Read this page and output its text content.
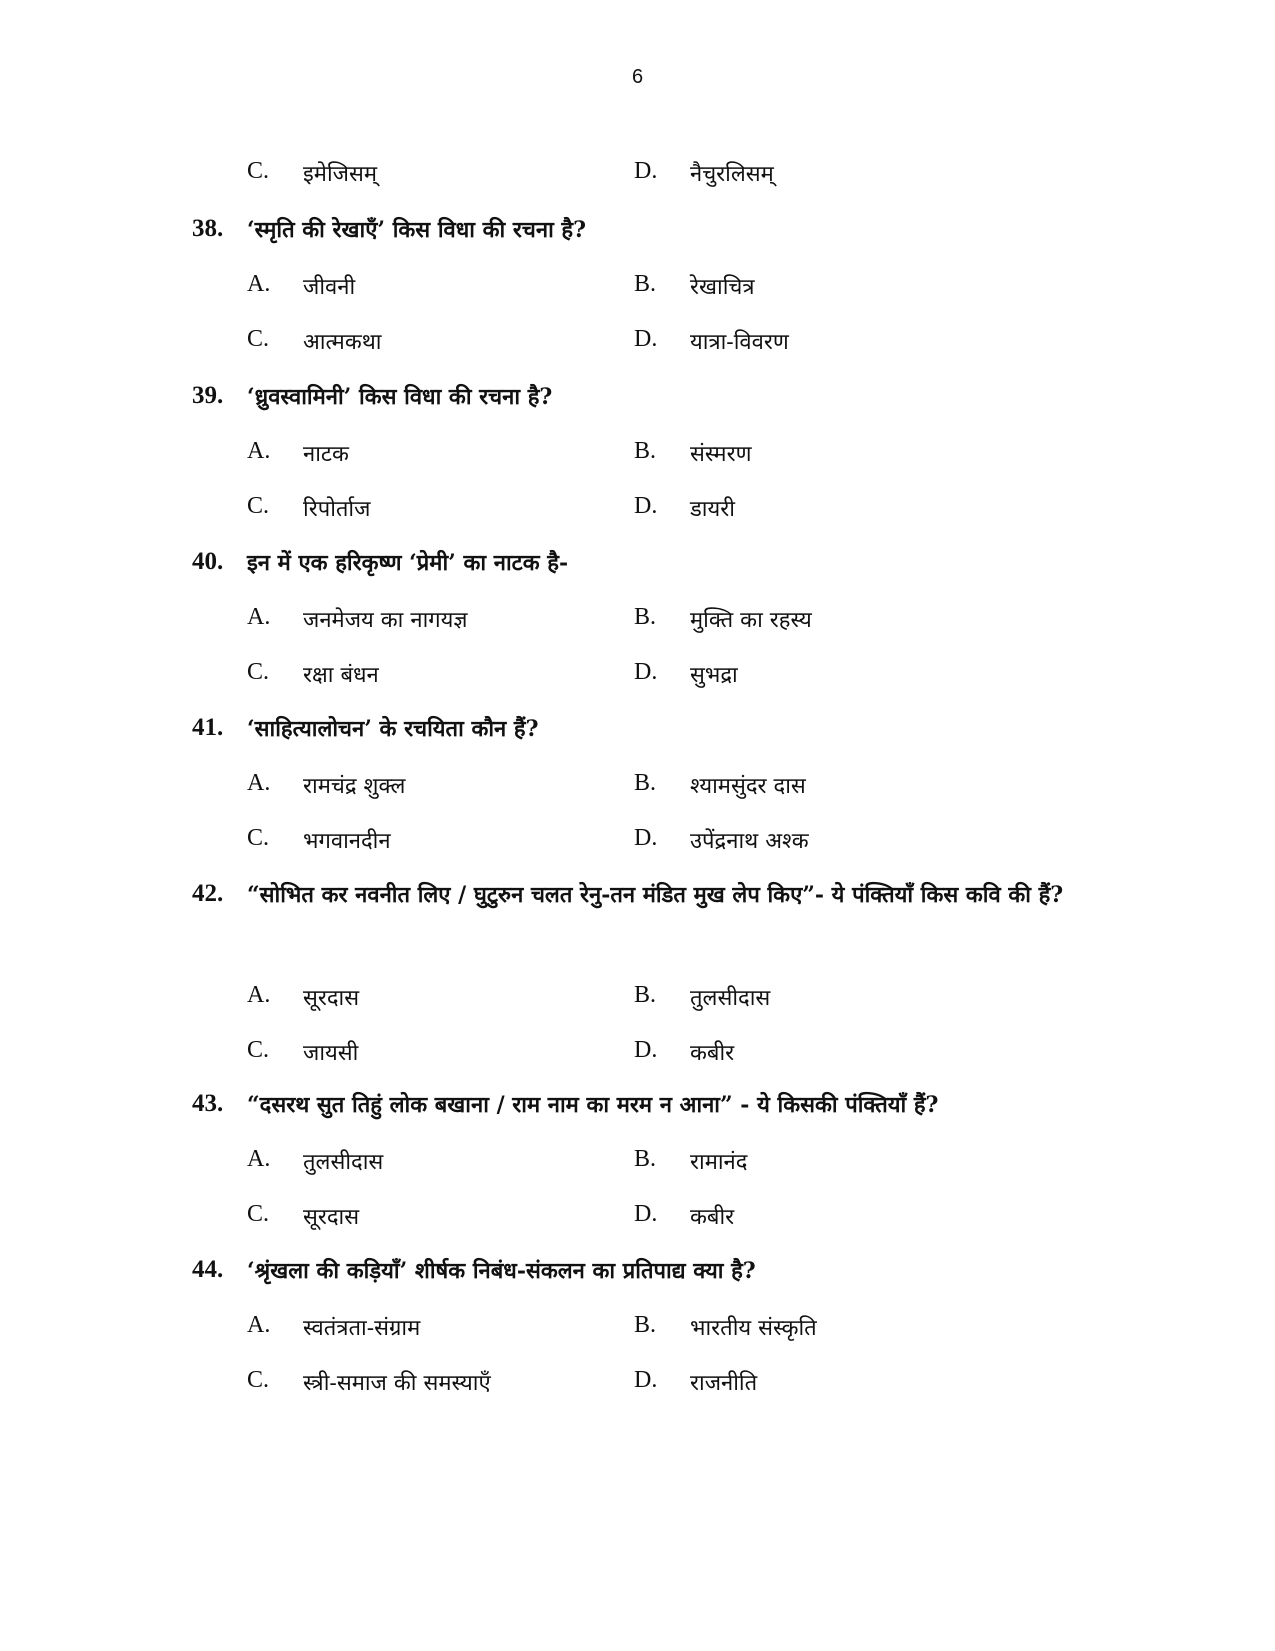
6
C. इमेजिसम्	D. नैचुरलिसम्
38. ‘स्मृति की रेखाएँ’ किस विधा की रचना है?
A. जीवनी	B. रेखाचित्र
C. आत्मकथा	D. यात्रा-विवरण
39. ‘ध्रुवस्वामिनी’ किस विधा की रचना है?
A. नाटक	B. संस्मरण
C. रिपोर्ताज	D. डायरी
40. इन में एक हरिकृष्ण ‘प्रेमी’ का नाटक है-
A. जनमेजय का नागयज्ञ	B. मुक्ति का रहस्य
C. रक्षा बंधन	D. सुभद्रा
41. ‘साहित्यालोचन’ के रचयिता कौन हैं?
A. रामचंद्र शुक्ल	B. श्यामसुंदर दास
C. भगवानदीन	D. उपेंद्रनाथ अश्क
42. “सोभित कर नवनीत लिए / घुटुरुन चलत रेनु-तन मंडित मुख लेप किए”- ये पंक्तियाँ किस कवि की हैं?
A. सूरदास	B. तुलसीदास
C. जायसी	D. कबीर
43. “दसरथ सुत तिहुं लोक बखाना / राम नाम का मरम न आना” - ये किसकी पंक्तियाँ हैं?
A. तुलसीदास	B. रामानंद
C. सूरदास	D. कबीर
44. ‘श्रृंखला की कड़ियाँ’ शीर्षक निबंध-संकलन का प्रतिपाद्य क्या है?
A. स्वतंत्रता-संग्राम	B. भारतीय संस्कृति
C. स्त्री-समाज की समस्याएँ	D. राजनीति
